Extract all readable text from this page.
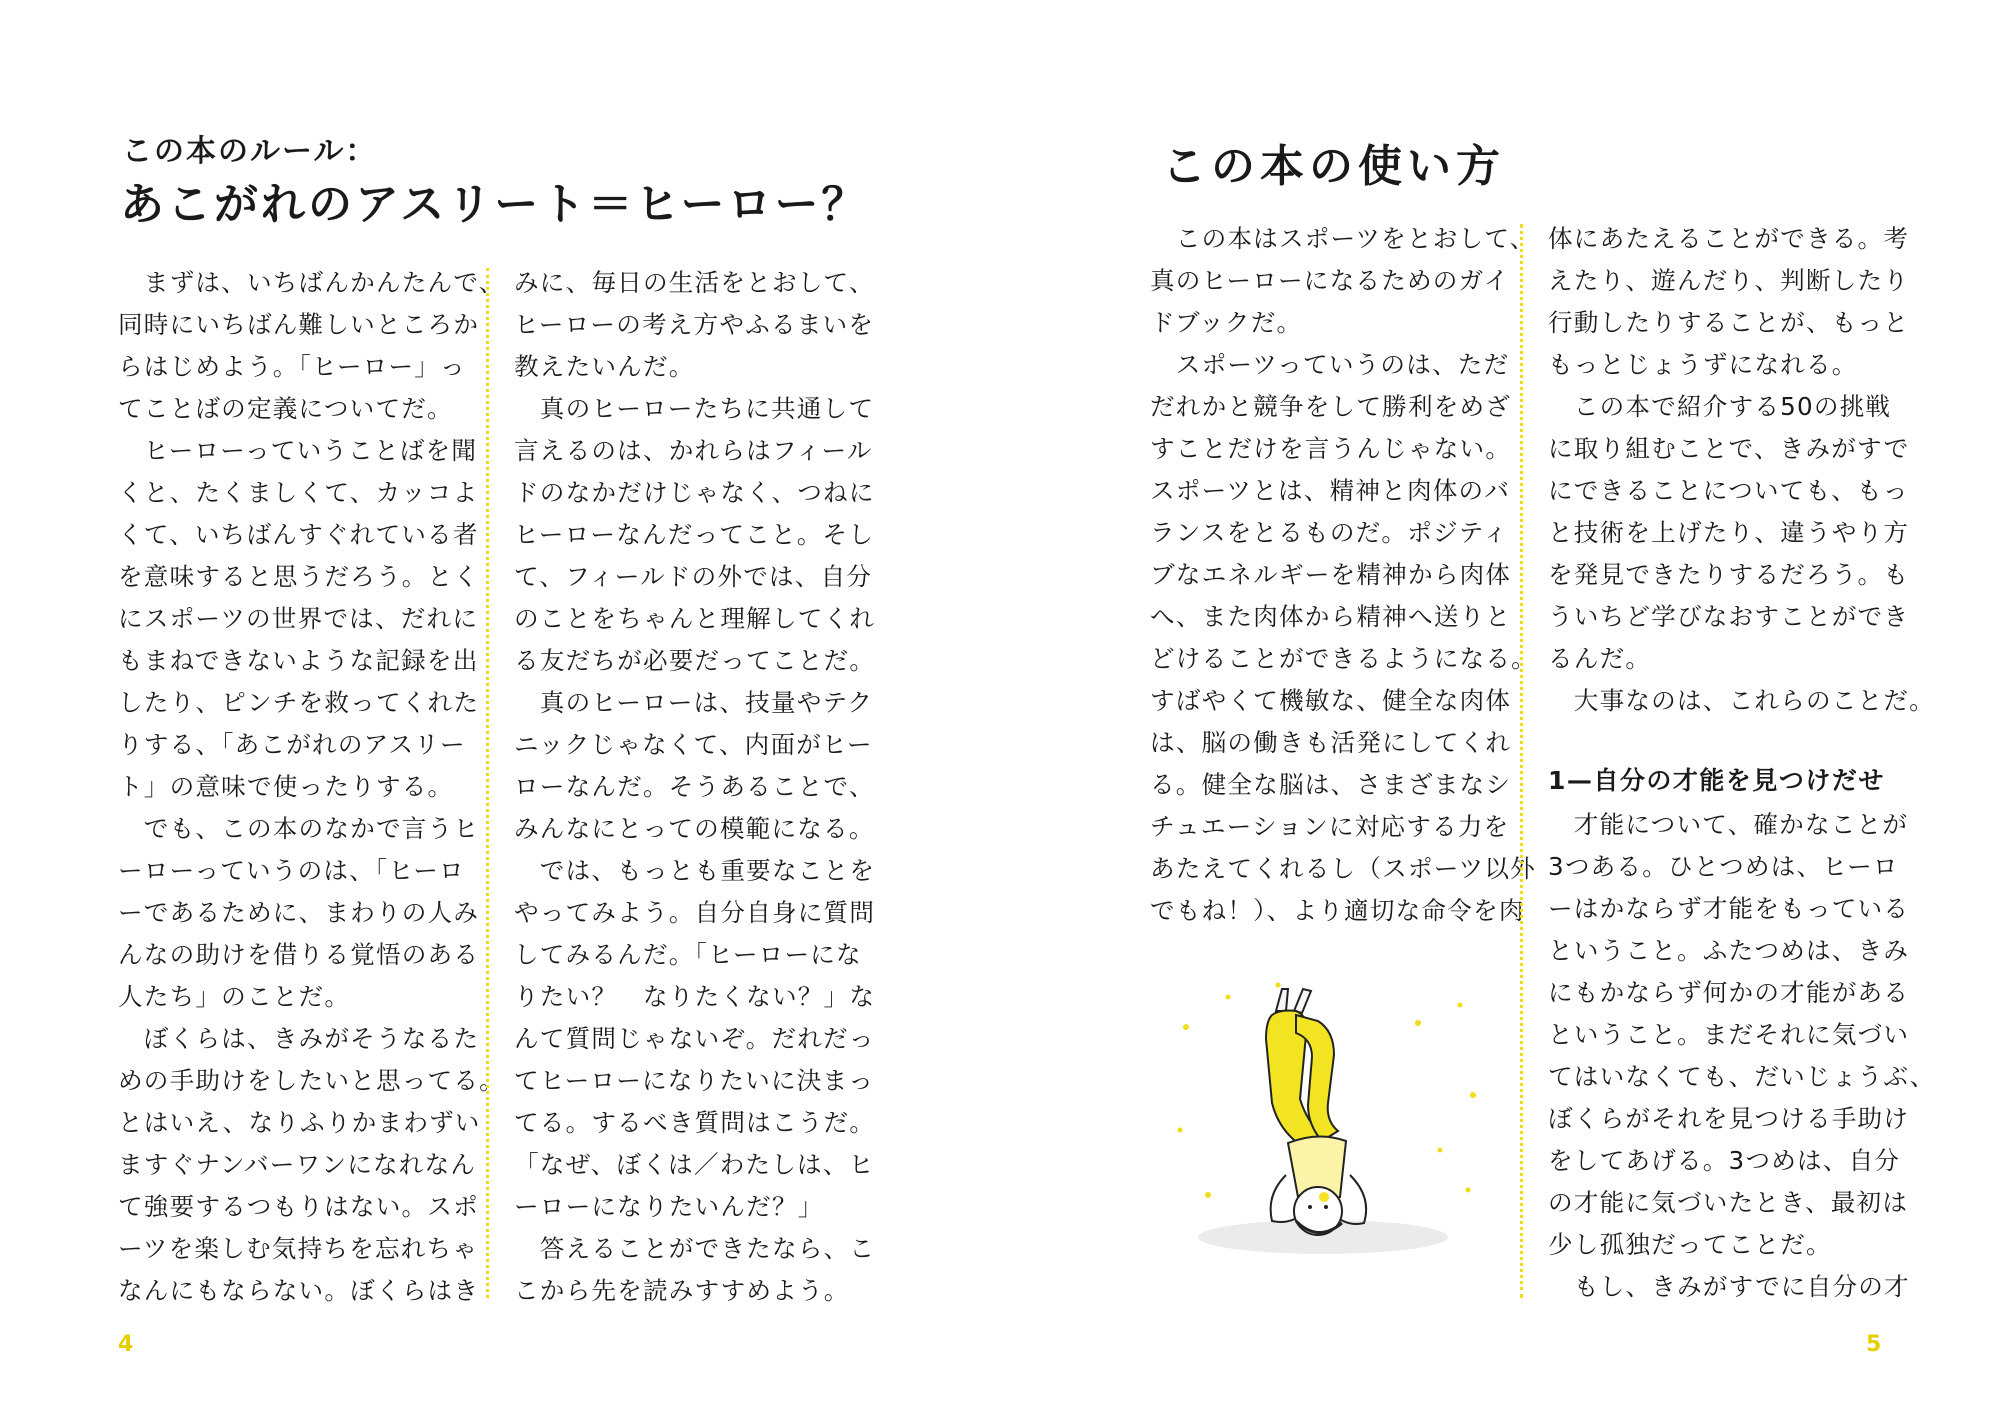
この本のルール：
あこがれのアスリート＝ヒーロー？
　まずは、いちばんかんたんで、
同時にいちばん難しいところか
らはじめよう。「ヒーロー」っ
てことばの定義についてだ。
　ヒーローっていうことばを聞
くと、たくましくて、カッコよ
くて、いちばんすぐれている者
を意味すると思うだろう。とく
にスポーツの世界では、だれに
もまねできないような記録を出
したり、ピンチを救ってくれた
りする、「あこがれのアスリー
ト」の意味で使ったりする。
　でも、この本のなかで言うヒ
ーローっていうのは、「ヒーロ
ーであるために、まわりの人み
んなの助けを借りる覚悟のある
人たち」のことだ。
　ぼくらは、きみがそうなるた
めの手助けをしたいと思ってる。
とはいえ、なりふりかまわずい
ますぐナンバーワンになれなん
て強要するつもりはない。スポ
ーツを楽しむ気持ちを忘れちゃ
なんにもならない。ぼくらはき
みに、毎日の生活をとおして、
ヒーローの考え方やふるまいを
教えたいんだ。
　真のヒーローたちに共通して
言えるのは、かれらはフィール
ドのなかだけじゃなく、つねに
ヒーローなんだってこと。そし
て、フィールドの外では、自分
のことをちゃんと理解してくれ
る友だちが必要だってことだ。
　真のヒーローは、技量やテク
ニックじゃなくて、内面がヒー
ローなんだ。そうあることで、
みんなにとっての模範になる。
　では、もっとも重要なことを
やってみよう。自分自身に質問
してみるんだ。「ヒーローにな
りたい？　なりたくない？」な
んて質問じゃないぞ。だれだっ
てヒーローになりたいに決まっ
てる。するべき質問はこうだ。
「なぜ、ぼくは／わたしは、ヒ
ーローになりたいんだ？」
　答えることができたなら、こ
こから先を読みすすめよう。
4
この本の使い方
　この本はスポーツをとおして、
真のヒーローになるためのガイ
ドブックだ。
　スポーツっていうのは、ただ
だれかと競争をして勝利をめざ
すことだけを言うんじゃない。
スポーツとは、精神と肉体のバ
ランスをとるものだ。ポジティ
ブなエネルギーを精神から肉体
へ、また肉体から精神へ送りと
どけることができるようになる。
すばやくて機敏な、健全な肉体
は、脳の働きも活発にしてくれ
る。健全な脳は、さまざまなシ
チュエーションに対応する力を
あたえてくれるし（スポーツ以外
でもね！）、より適切な命令を肉
体にあたえることができる。考
えたり、遊んだり、判断したり
行動したりすることが、もっと
もっとじょうずになれる。
　この本で紹介する50の挑戦
に取り組むことで、きみがすで
にできることについても、もっ
と技術を上げたり、違うやり方
を発見できたりするだろう。も
ういちど学びなおすことができ
るんだ。
　大事なのは、これらのことだ。
1—自分の才能を見つけだせ
　才能について、確かなことが
3つある。ひとつめは、ヒーロ
ーはかならず才能をもっている
ということ。ふたつめは、きみ
にもかならず何かの才能がある
ということ。まだそれに気づい
てはいなくても、だいじょうぶ、
ぼくらがそれを見つける手助け
をしてあげる。3つめは、自分
の才能に気づいたとき、最初は
少し孤独だってことだ。
　もし、きみがすでに自分の才
5
